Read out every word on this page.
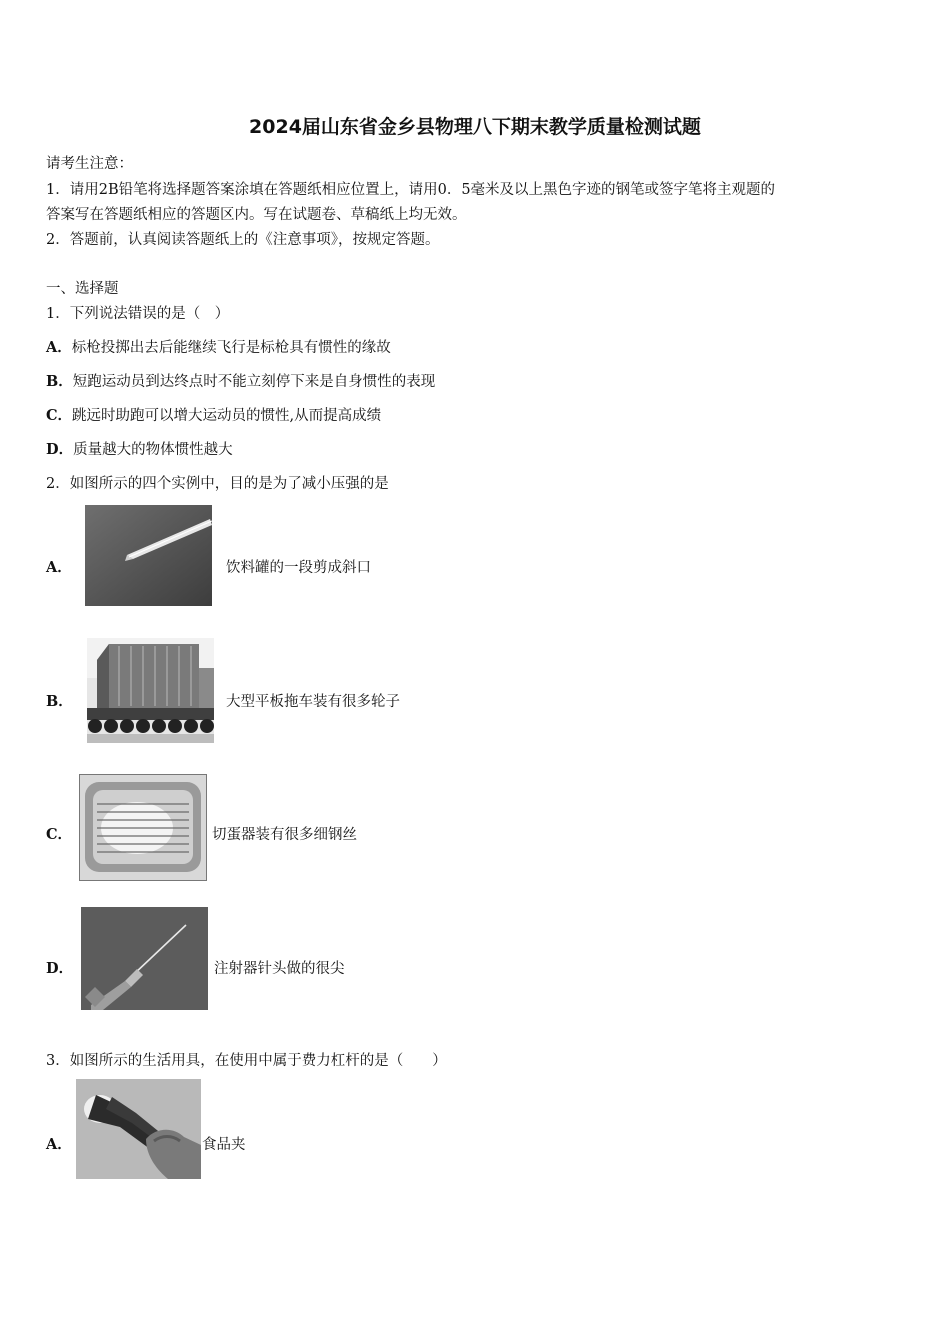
2024届山东省金乡县物理八下期末教学质量检测试题
请考生注意：
1．请用2B铅笔将选择题答案涂填在答题纸相应位置上，请用0．5毫米及以上黑色字迹的钢笔或签字笔将主观题的
答案写在答题纸相应的答题区内。写在试题卷、草稿纸上均无效。
2．答题前，认真阅读答题纸上的《注意事项》，按规定答题。
一、选择题
1．下列说法错误的是（　）
A．标枪投掷出去后能继续飞行是标枪具有惯性的缘故
B．短跑运动员到达终点时不能立刻停下来是自身惯性的表现
C．跳远时助跑可以增大运动员的惯性,从而提高成绩
D．质量越大的物体惯性越大
2．如图所示的四个实例中，目的是为了减小压强的是
A．	饮料罐的一段剪成斜口
B．	大型平板拖车装有很多轮子
C．	切蛋器装有很多细钢丝
D．	注射器针头做的很尖
3．如图所示的生活用具，在使用中属于费力杠杆的是（　　）
A．	食品夹
